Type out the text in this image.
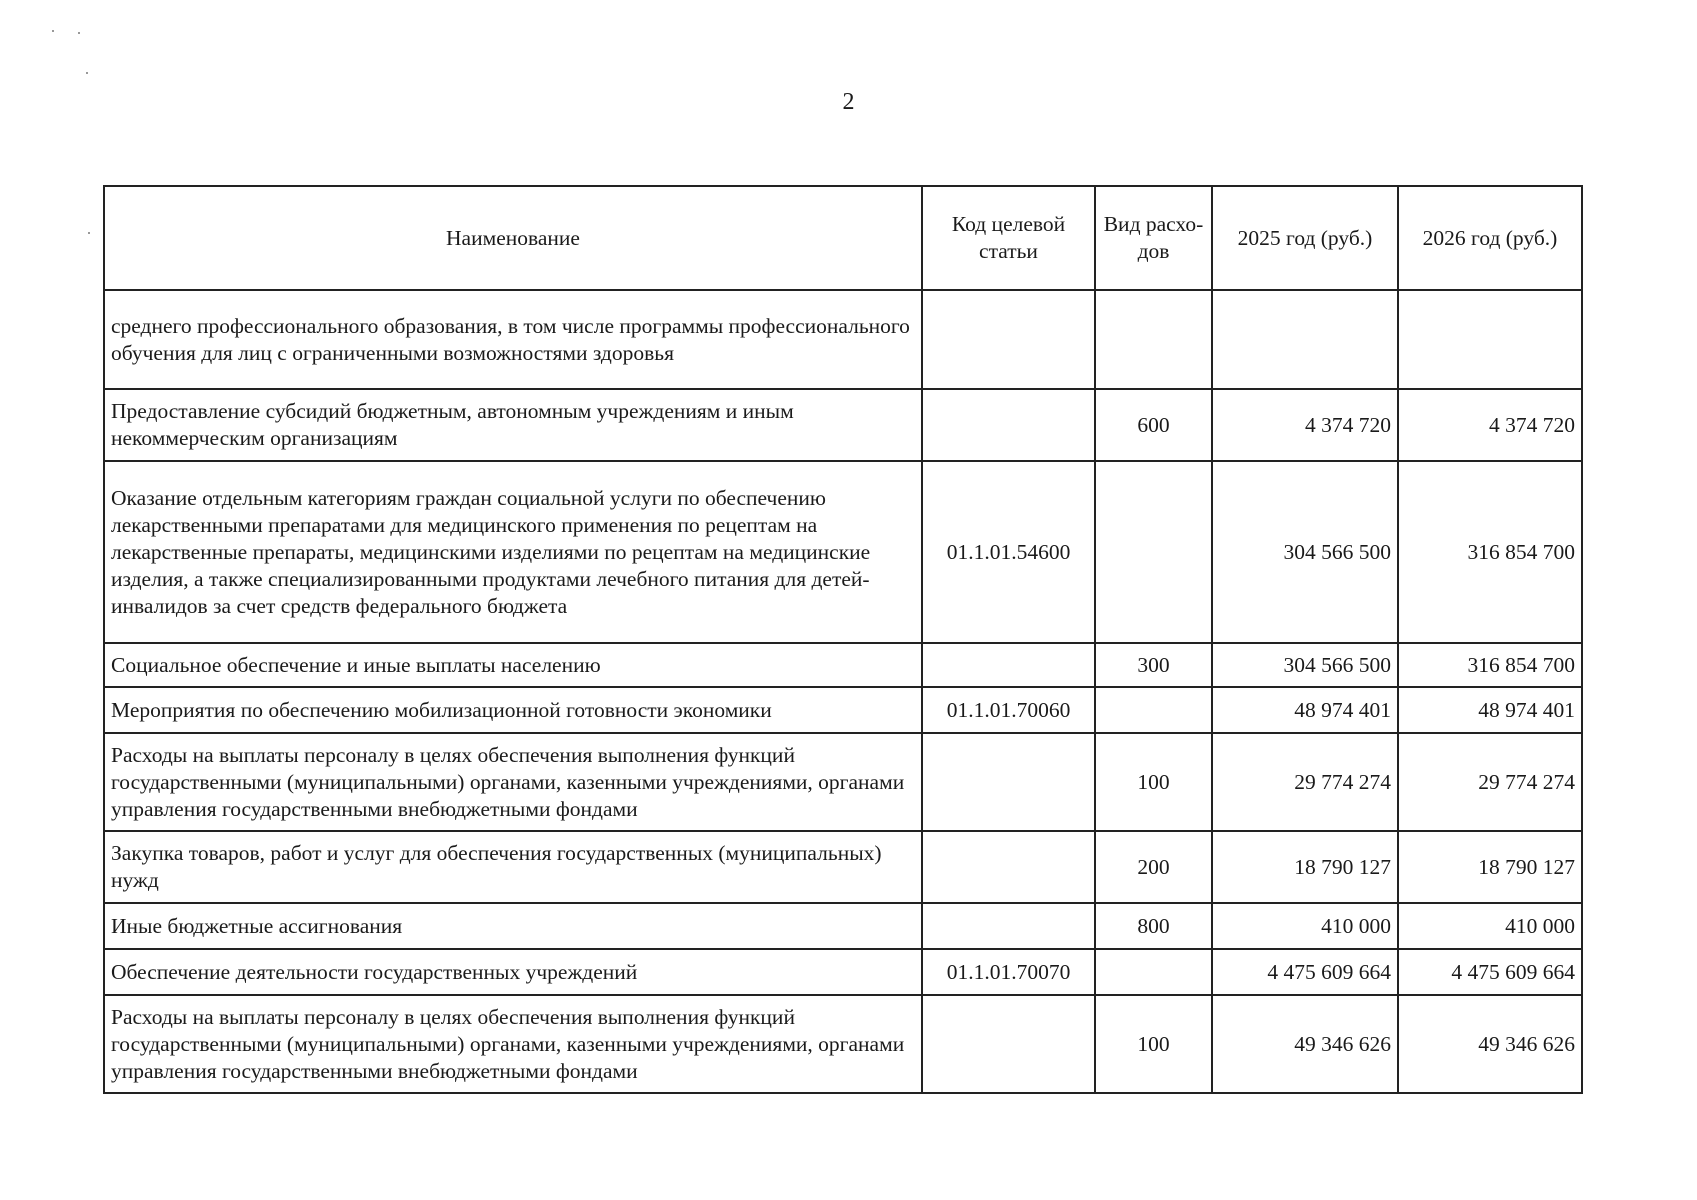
2
Наименование	Код целевой статьи	Вид расхо-дов	2025 год (руб.)	2026 год (руб.)
среднего профессионального образования, в том числе программы профессионального обучения для лиц с ограниченными возможностями здоровья				
Предоставление субсидий бюджетным, автономным учреждениям и иным некоммерческим организациям		600	4 374 720	4 374 720
Оказание отдельным категориям граждан социальной услуги по обеспечению лекарственными препаратами для медицинского применения по рецептам на лекарственные препараты, медицинскими изделиями по рецептам на медицинские изделия, а также специализированными продуктами лечебного питания для детей-инвалидов за счет средств федерального бюджета	01.1.01.54600		304 566 500	316 854 700
Социальное обеспечение и иные выплаты населению		300	304 566 500	316 854 700
Мероприятия по обеспечению мобилизационной готовности экономики	01.1.01.70060		48 974 401	48 974 401
Расходы на выплаты персоналу в целях обеспечения выполнения функций государственными (муниципальными) органами, казенными учреждениями, органами управления государственными внебюджетными фондами		100	29 774 274	29 774 274
Закупка товаров, работ и услуг для обеспечения государственных (муниципальных) нужд		200	18 790 127	18 790 127
Иные бюджетные ассигнования		800	410 000	410 000
Обеспечение деятельности государственных учреждений	01.1.01.70070		4 475 609 664	4 475 609 664
Расходы на выплаты персоналу в целях обеспечения выполнения функций государственными (муниципальными) органами, казенными учреждениями, органами управления государственными внебюджетными фондами		100	49 346 626	49 346 626
